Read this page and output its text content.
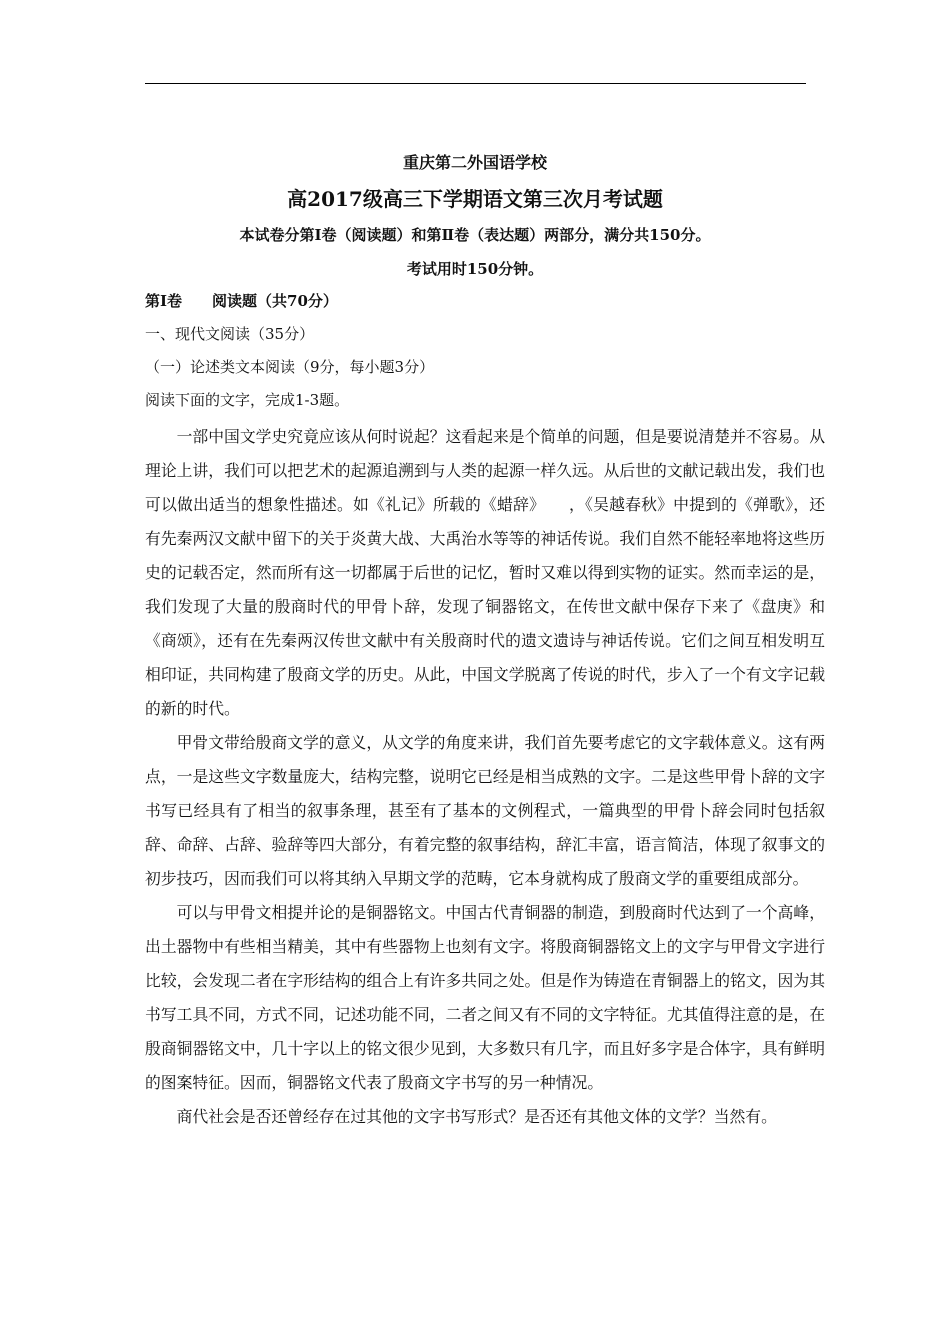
重庆第二外国语学校
高2017级高三下学期语文第三次月考试题
本试卷分第Ⅰ卷（阅读题）和第Ⅱ卷（表达题）两部分，满分共150分。
考试用时150分钟。
第Ⅰ卷　　阅读题（共70分）
一、现代文阅读（35分）
（一）论述类文本阅读（9分，每小题3分）
阅读下面的文字，完成1-3题。

一部中国文学史究竟应该从何时说起？这看起来是个简单的问题，但是要说清楚并不容易。从理论上讲，我们可以把艺术的起源追溯到与人类的起源一样久远。从后世的文献记载出发，我们也可以做出适当的想象性描述。如《礼记》所载的《蜡辞》　　，《吴越春秋》中提到的《弹歌》，还有先秦两汉文献中留下的关于炎黄大战、大禹治水等等的神话传说。我们自然不能轻率地将这些历史的记载否定，然而所有这一切都属于后世的记忆，暂时又难以得到实物的证实。然而幸运的是，我们发现了大量的殷商时代的甲骨卜辞，发现了铜器铭文，在传世文献中保存下来了《盘庚》和《商颂》，还有在先秦两汉传世文献中有关殷商时代的遗文遗诗与神话传说。它们之间互相发明互相印证，共同构建了殷商文学的历史。从此，中国文学脱离了传说的时代，步入了一个有文字记载的新的时代。

甲骨文带给殷商文学的意义，从文学的角度来讲，我们首先要考虑它的文字载体意义。这有两点，一是这些文字数量庞大，结构完整，说明它已经是相当成熟的文字。二是这些甲骨卜辞的文字书写已经具有了相当的叙事条理，甚至有了基本的文例程式，一篇典型的甲骨卜辞会同时包括叙辞、命辞、占辞、验辞等四大部分，有着完整的叙事结构，辞汇丰富，语言简洁，体现了叙事文的初步技巧，因而我们可以将其纳入早期文学的范畴，它本身就构成了殷商文学的重要组成部分。

可以与甲骨文相提并论的是铜器铭文。中国古代青铜器的制造，到殷商时代达到了一个高峰，出土器物中有些相当精美，其中有些器物上也刻有文字。将殷商铜器铭文上的文字与甲骨文字进行比较，会发现二者在字形结构的组合上有许多共同之处。但是作为铸造在青铜器上的铭文，因为其书写工具不同，方式不同，记述功能不同，二者之间又有不同的文字特征。尤其值得注意的是，在殷商铜器铭文中，几十字以上的铭文很少见到，大多数只有几字，而且好多字是合体字，具有鲜明的图案特征。因而，铜器铭文代表了殷商文字书写的另一种情况。

商代社会是否还曾经存在过其他的文字书写形式？是否还有其他文体的文学？当然有。
